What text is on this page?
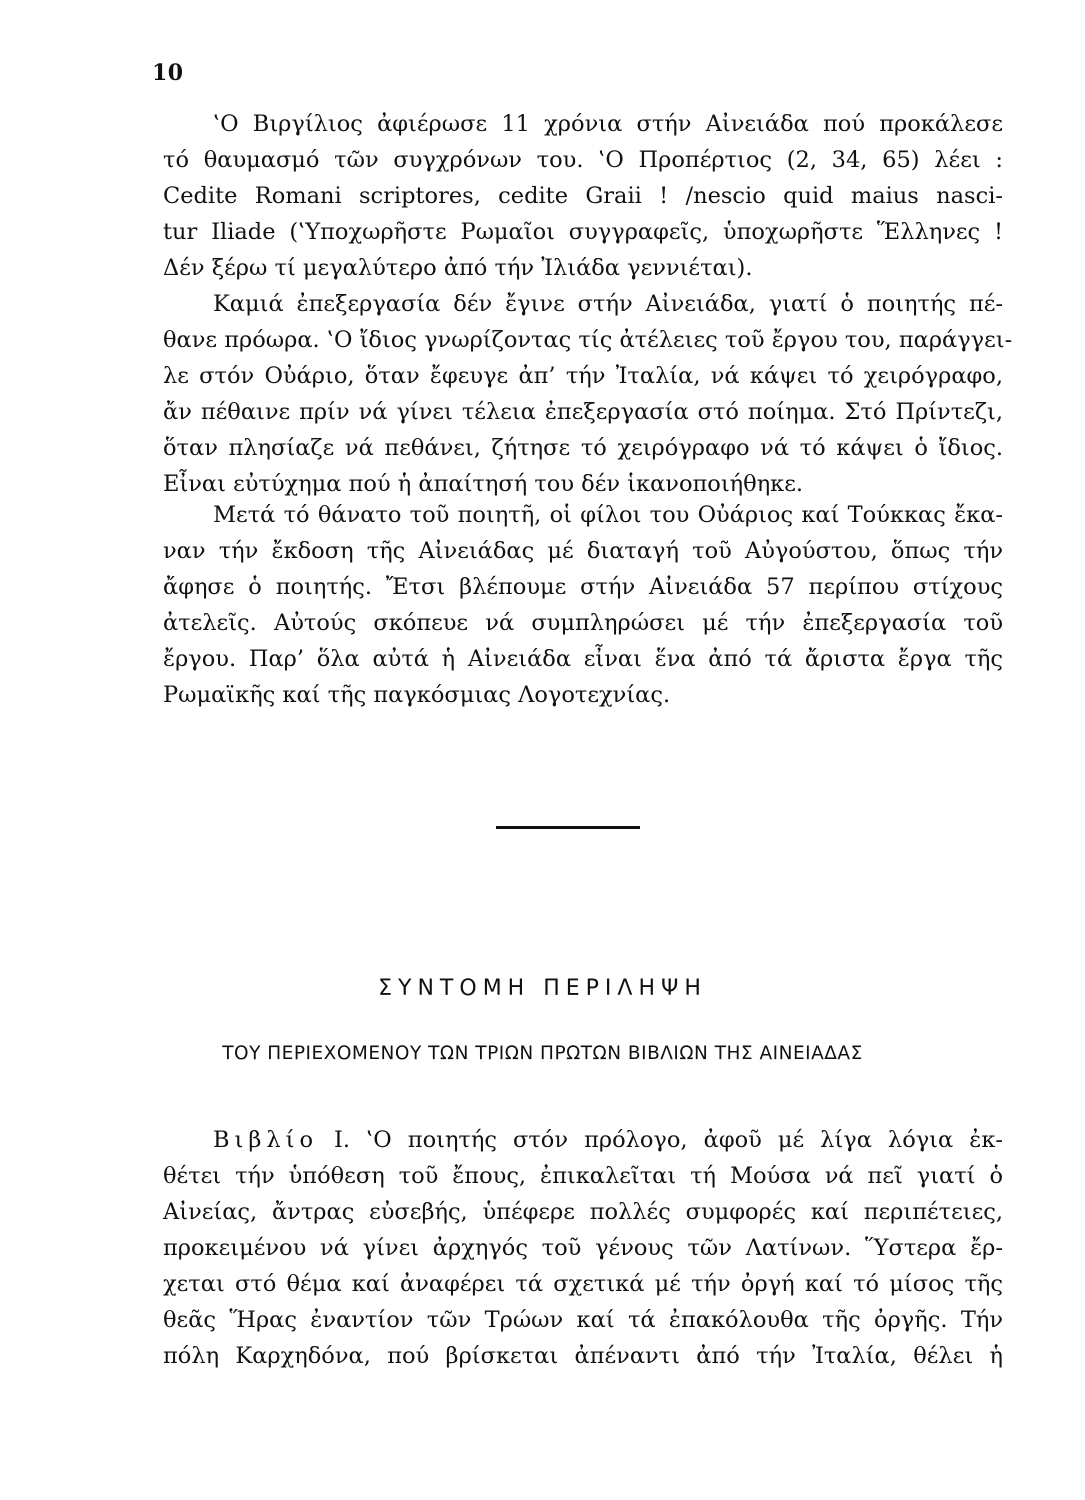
10
‛Ο Βιργίλιος ἀφιέρωσε 11 χρόνια στήν Αἰνειάδα πού προκάλεσε
τό θαυμασμό τῶν συγχρόνων του. ‛Ο Προπέρτιος (2, 34, 65) λέει :
Cedite Romani scriptores, cedite Graii ! /nescio quid maius nasci-
tur Iliade (‛Υποχωρῆστε Ρωμαῖοι συγγραφεῖς, ὑποχωρῆστε Ἕλληνες !
Δέν ξέρω τί μεγαλύτερο ἀπό τήν Ἰλιάδα γεννιέται).
Καμιά ἐπεξεργασία δέν ἔγινε στήν Αἰνειάδα, γιατί ὁ ποιητής πέ-
θανε πρόωρα. ‛Ο ἴδιος γνωρίζοντας τίς ἀτέλειες τοῦ ἔργου του, παράγγει-
λε στόν Οὐάριο, ὅταν ἔφευγε ἀπ’ τήν Ἰταλία, νά κάψει τό χειρόγραφο,
ἄν πέθαινε πρίν νά γίνει τέλεια ἐπεξεργασία στό ποίημα. Στό Πρίντεζι,
ὅταν πλησίαζε νά πεθάνει, ζήτησε τό χειρόγραφο νά τό κάψει ὁ ἴδιος.
Εἶναι εὐτύχημα πού ἡ ἀπαίτησή του δέν ἱκανοποιήθηκε.
Μετά τό θάνατο τοῦ ποιητῆ, οἱ φίλοι του Οὐάριος καί Τούκκας ἔκα-
ναν τήν ἔκδοση τῆς Αἰνειάδας μέ διαταγή τοῦ Αὐγούστου, ὅπως τήν
ἄφησε ὁ ποιητής. Ἔτσι βλέπουμε στήν Αἰνειάδα 57 περίπου στίχους
ἀτελεῖς. Αὐτούς σκόπευε νά συμπληρώσει μέ τήν ἐπεξεργασία τοῦ
ἔργου. Παρ’ ὅλα αὐτά ἡ Αἰνειάδα εἶναι ἕνα ἀπό τά ἄριστα ἔργα τῆς
Ρωμαϊκῆς καί τῆς παγκόσμιας Λογοτεχνίας.
ΣΥΝΤΟΜΗ ΠΕΡΙΛΗΨΗ
ΤΟΥ ΠΕΡΙΕΧΟΜΕΝΟΥ ΤΩΝ ΤΡΙΩΝ ΠΡΩΤΩΝ ΒΙΒΛΙΩΝ ΤΗΣ ΑΙΝΕΙΑΔΑΣ
Βιβλίο Ι. ‛Ο ποιητής στόν πρόλογο, ἀφοῦ μέ λίγα λόγια ἐκ-
θέτει τήν ὑπόθεση τοῦ ἔπους, ἐπικαλεῖται τή Μούσα νά πεῖ γιατί ὁ
Αἰνείας, ἄντρας εὐσεβής, ὑπέφερε πολλές συμφορές καί περιπέτειες,
προκειμένου νά γίνει ἀρχηγός τοῦ γένους τῶν Λατίνων. Ὕστερα ἔρ-
χεται στό θέμα καί ἀναφέρει τά σχετικά μέ τήν ὀργή καί τό μίσος τῆς
θεᾶς Ἥρας ἐναντίον τῶν Τρώων καί τά ἐπακόλουθα τῆς ὀργῆς. Τήν
πόλη Καρχηδόνα, πού βρίσκεται ἀπέναντι ἀπό τήν Ἰταλία, θέλει ἡ
